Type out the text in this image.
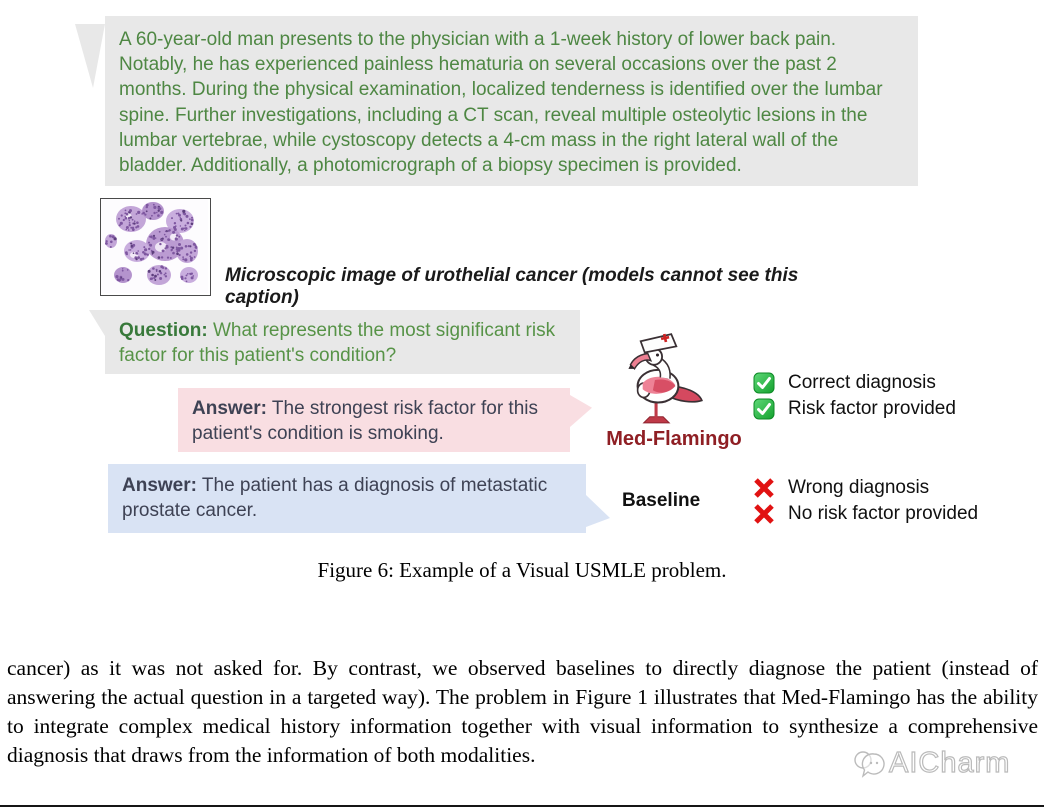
A 60-year-old man presents to the physician with a 1-week history of lower back pain. Notably, he has experienced painless hematuria on several occasions over the past 2 months. During the physical examination, localized tenderness is identified over the lumbar spine. Further investigations, including a CT scan, reveal multiple osteolytic lesions in the lumbar vertebrae, while cystoscopy detects a 4-cm mass in the right lateral wall of the bladder. Additionally, a photomicrograph of a biopsy specimen is provided.
Microscopic image of urothelial cancer (models cannot see this caption)
Question: What represents the most significant risk factor for this patient's condition?
Answer: The strongest risk factor for this patient's condition is smoking.
Answer: The patient has a diagnosis of metastatic prostate cancer.
Med-Flamingo
Baseline
Correct diagnosis
Risk factor provided
Wrong diagnosis
No risk factor provided
Figure 6: Example of a Visual USMLE problem.
cancer) as it was not asked for. By contrast, we observed baselines to directly diagnose the patient (instead of answering the actual question in a targeted way). The problem in Figure 1 illustrates that Med-Flamingo has the ability to integrate complex medical history information together with visual information to synthesize a comprehensive diagnosis that draws from the information of both modalities.	AICharm
